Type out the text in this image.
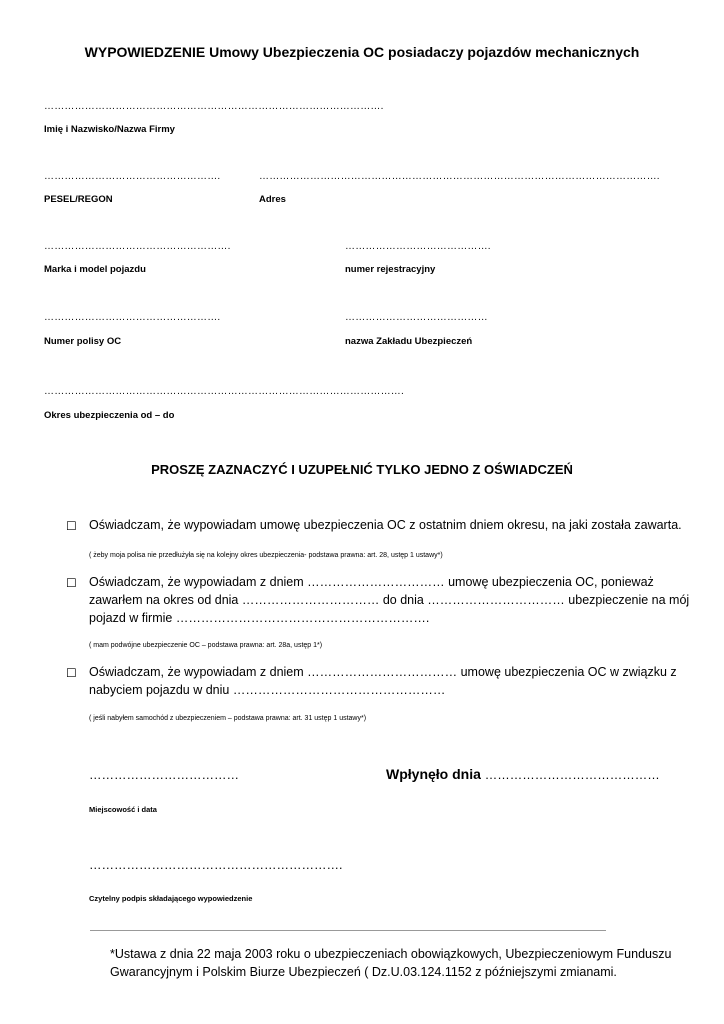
WYPOWIEDZENIE Umowy Ubezpieczenia OC posiadaczy pojazdów mechanicznych
……………………………………………………………………………………….
Imię i Nazwisko/Nazwa Firmy
…………………………………………….
PESEL/REGON
……………………………………………………………………………………………………….
Adres
……………………………………………….
Marka i model pojazdu
…………………………………….
numer rejestracyjny
…………………………………………….
Numer polisy OC
……………………………………
nazwa Zakładu Ubezpieczeń
…………………………………………………………………………………………….
Okres ubezpieczenia od – do
PROSZĘ ZAZNACZYĆ I UZUPEŁNIĆ TYLKO JEDNO Z OŚWIADCZEŃ
☐ Oświadczam, że wypowiadam umowę ubezpieczenia OC z ostatnim dniem okresu, na jaki została zawarta.
( żeby moja polisa nie przedłużyła się na kolejny okres ubezpieczenia- podstawa prawna: art. 28, ustęp 1 ustawy*)
☐ Oświadczam, że wypowiadam z dniem …………………………… umowę ubezpieczenia OC, ponieważ
zawarłem na okres od dnia …………………………… do dnia …………………………… ubezpieczenie na mój
pojazd w firmie …………………………………………………….
( mam podwójne ubezpieczenie OC – podstawa prawna: art. 28a, ustęp 1*)
☐ Oświadczam, że wypowiadam z dniem ……………………………… umowę ubezpieczenia OC w związku z
nabyciem pojazdu w dniu ……………………………………………
( jeśli nabyłem samochód z ubezpieczeniem – podstawa prawna: art. 31 ustęp 1 ustawy*)
………………………………	Wpłynęło dnia ……………………………………
Miejscowość i data
…………………………………………………….
Czytelny podpis składającego wypowiedzenie
*Ustawa z dnia 22 maja 2003 roku o ubezpieczeniach obowiązkowych, Ubezpieczeniowym Funduszu
Gwarancyjnym i Polskim Biurze Ubezpieczeń ( Dz.U.03.124.1152 z późniejszymi zmianami.
